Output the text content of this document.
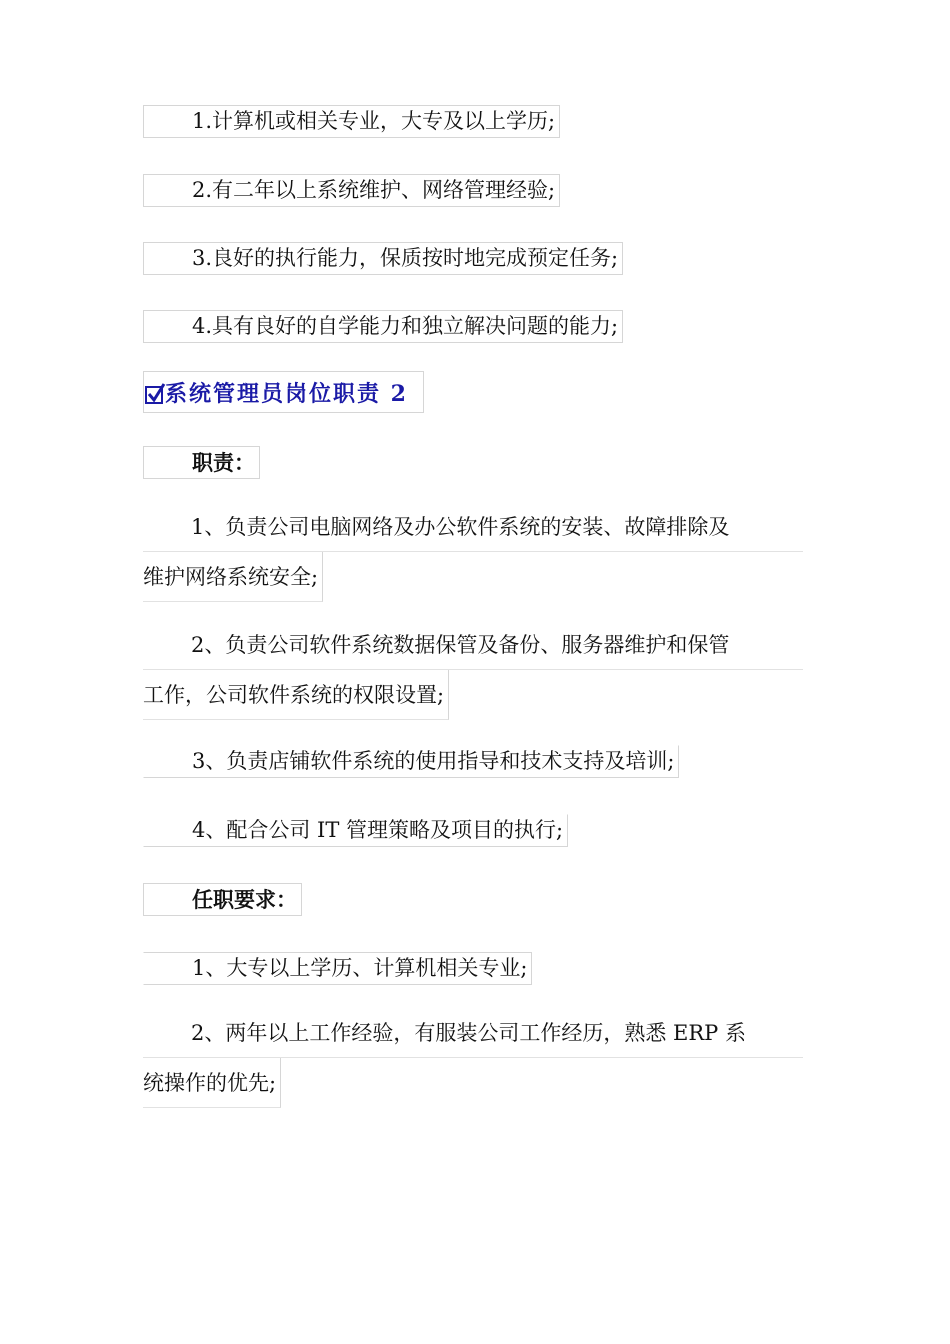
1.计算机或相关专业，大专及以上学历;
2.有二年以上系统维护、网络管理经验;
3.良好的执行能力，保质按时地完成预定任务;
4.具有良好的自学能力和独立解决问题的能力;
系统管理员岗位职责 2
职责：
1、负责公司电脑网络及办公软件系统的安装、故障排除及
维护网络系统安全;
2、负责公司软件系统数据保管及备份、服务器维护和保管
工作，公司软件系统的权限设置;
3、负责店铺软件系统的使用指导和技术支持及培训;
4、配合公司 IT 管理策略及项目的执行;
任职要求：
1、大专以上学历、计算机相关专业;
2、两年以上工作经验，有服装公司工作经历，熟悉 ERP 系
统操作的优先;
